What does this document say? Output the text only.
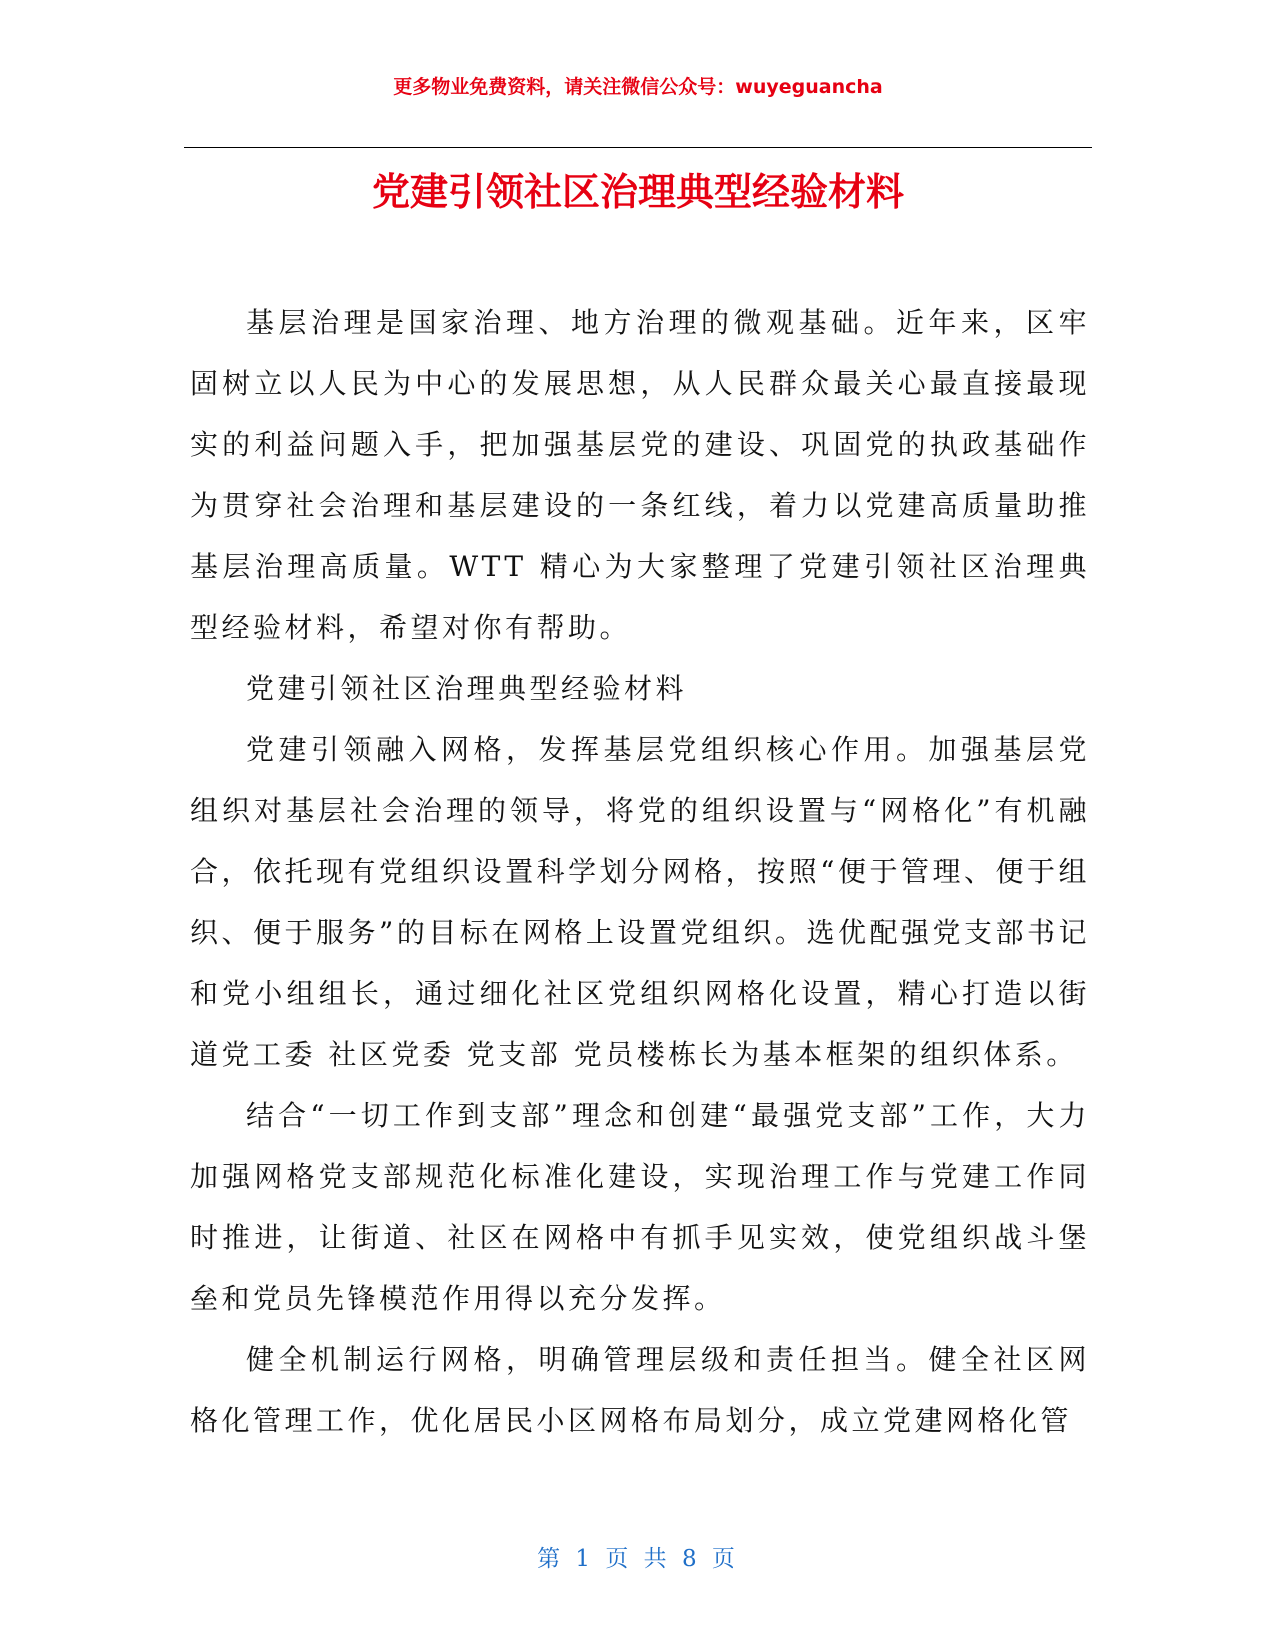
更多物业免费资料，请关注微信公众号：wuyeguancha

党建引领社区治理典型经验材料

基层治理是国家治理、地方治理的微观基础。近年来，区牢固树立以人民为中心的发展思想，从人民群众最关心最直接最现实的利益问题入手，把加强基层党的建设、巩固党的执政基础作为贯穿社会治理和基层建设的一条红线，着力以党建高质量助推基层治理高质量。WTT 精心为大家整理了党建引领社区治理典型经验材料，希望对你有帮助。

党建引领社区治理典型经验材料

党建引领融入网格，发挥基层党组织核心作用。加强基层党组织对基层社会治理的领导，将党的组织设置与“网格化”有机融合，依托现有党组织设置科学划分网格，按照“便于管理、便于组织、便于服务”的目标在网格上设置党组织。选优配强党支部书记和党小组组长，通过细化社区党组织网格化设置，精心打造以街道党工委 社区党委 党支部 党员楼栋长为基本框架的组织体系。

结合“一切工作到支部”理念和创建“最强党支部”工作，大力加强网格党支部规范化标准化建设，实现治理工作与党建工作同时推进，让街道、社区在网格中有抓手见实效，使党组织战斗堡垒和党员先锋模范作用得以充分发挥。

健全机制运行网格，明确管理层级和责任担当。健全社区网格化管理工作，优化居民小区网格布局划分，成立党建网格化管

第 1 页 共 8 页
